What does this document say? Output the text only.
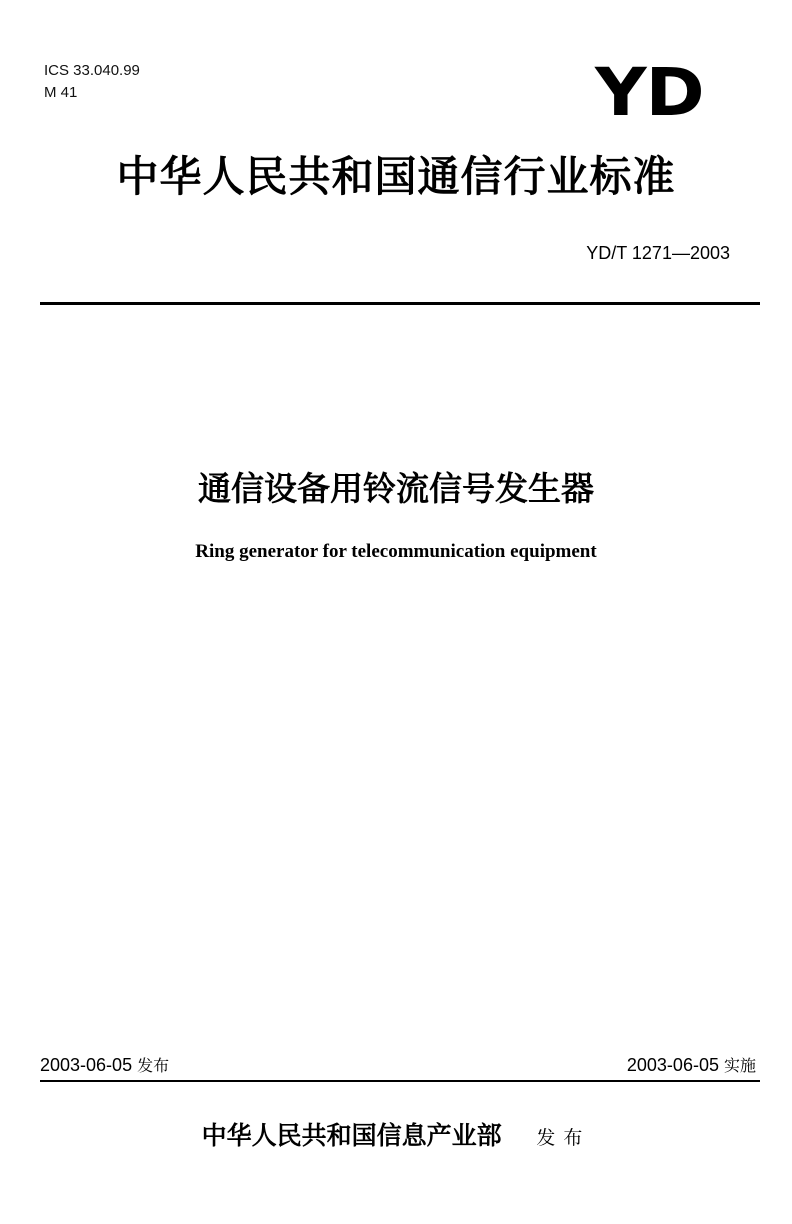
ICS 33.040.99
M 41	YD
中华人民共和国通信行业标准
YD/T 1271—2003
通信设备用铃流信号发生器
Ring generator for telecommunication equipment
2003-06-05 发布	2003-06-05 实施
中华人民共和国信息产业部 发布
